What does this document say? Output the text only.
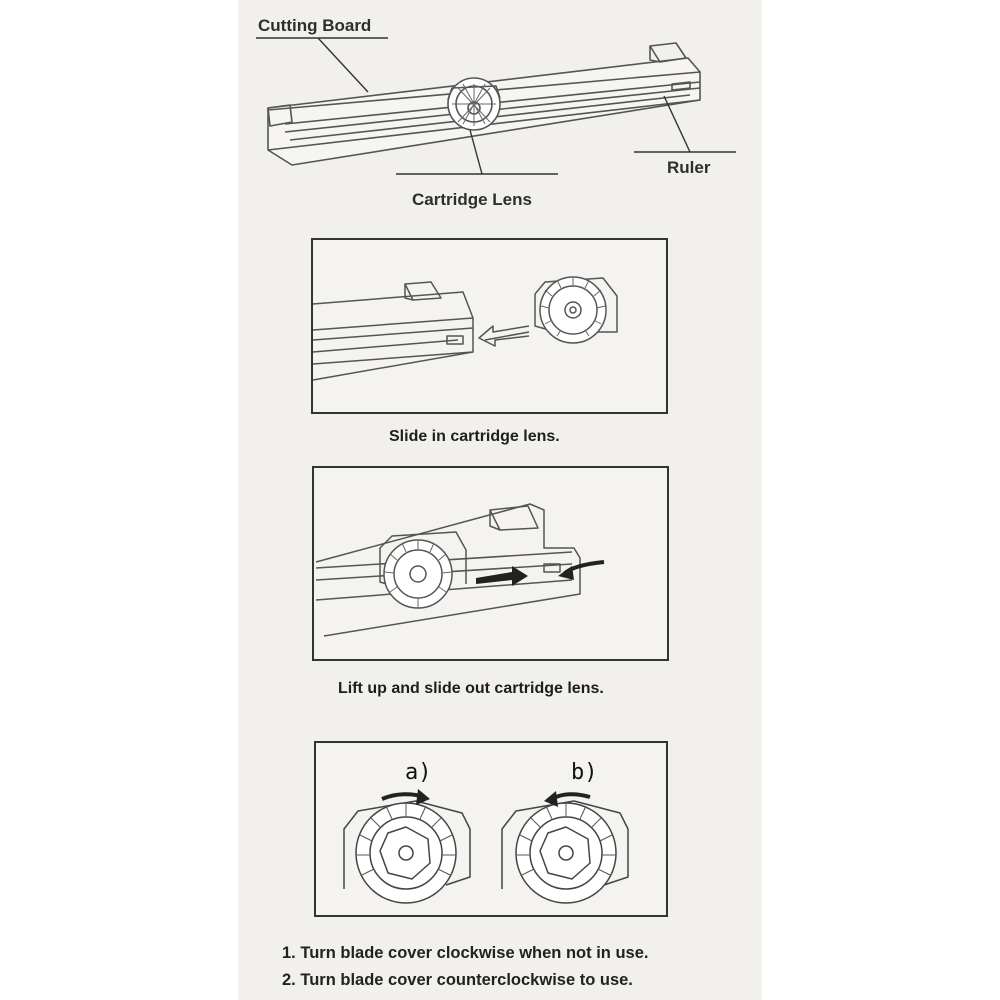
Cutting Board
Ruler
Cartridge Lens
Slide in cartridge lens.
Lift up and slide out cartridge lens.
a)	b)
1. Turn blade cover clockwise when not in use.
2. Turn blade cover counterclockwise to use.
